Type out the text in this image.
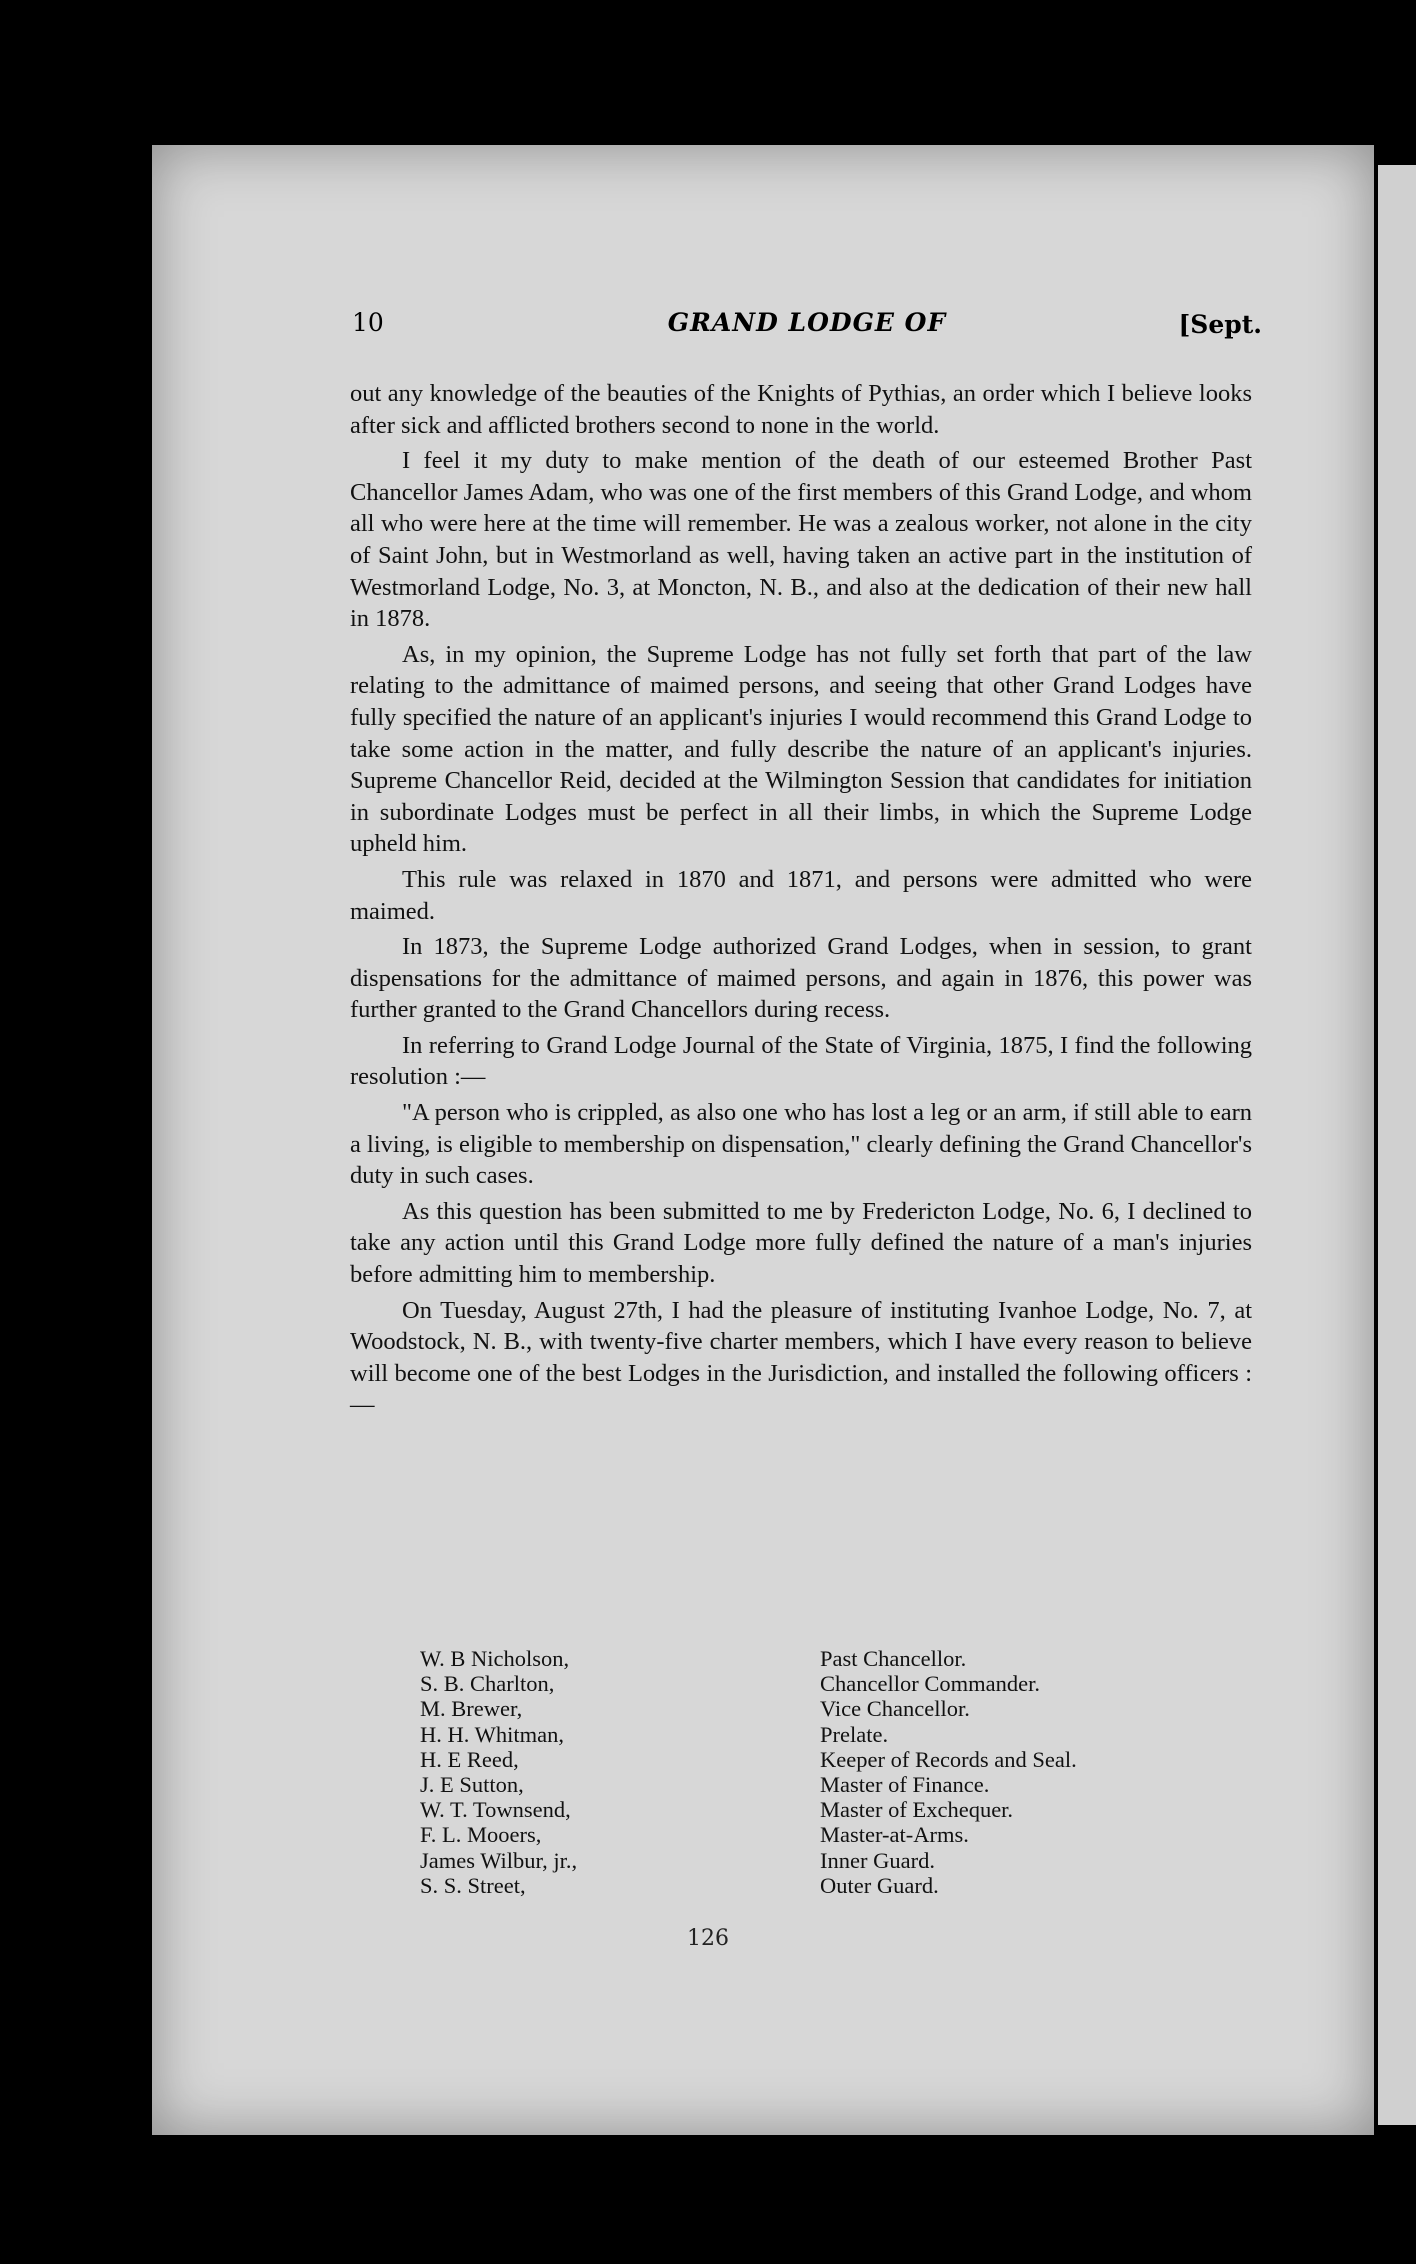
10	GRAND LODGE OF	[Sept.

out any knowledge of the beauties of the Knights of Pythias, an order which I believe looks after sick and afflicted brothers second to none in the world.

I feel it my duty to make mention of the death of our esteemed Brother Past Chancellor James Adam, who was one of the first members of this Grand Lodge, and whom all who were here at the time will remember. He was a zealous worker, not alone in the city of Saint John, but in Westmorland as well, having taken an active part in the institution of Westmorland Lodge, No. 3, at Moncton, N. B., and also at the dedication of their new hall in 1878.

As, in my opinion, the Supreme Lodge has not fully set forth that part of the law relating to the admittance of maimed persons, and seeing that other Grand Lodges have fully specified the nature of an applicant's injuries I would recommend this Grand Lodge to take some action in the matter, and fully describe the nature of an applicant's injuries. Supreme Chancellor Reid, decided at the Wilmington Session that candidates for initiation in subordinate Lodges must be perfect in all their limbs, in which the Supreme Lodge upheld him.

This rule was relaxed in 1870 and 1871, and persons were admitted who were maimed.

In 1873, the Supreme Lodge authorized Grand Lodges, when in session, to grant dispensations for the admittance of maimed persons, and again in 1876, this power was further granted to the Grand Chancellors during recess.

In referring to Grand Lodge Journal of the State of Virginia, 1875, I find the following resolution :—

"A person who is crippled, as also one who has lost a leg or an arm, if still able to earn a living, is eligible to membership on dispensation," clearly defining the Grand Chancellor's duty in such cases.

As this question has been submitted to me by Fredericton Lodge, No. 6, I declined to take any action until this Grand Lodge more fully defined the nature of a man's injuries before admitting him to membership.

On Tuesday, August 27th, I had the pleasure of instituting Ivanhoe Lodge, No. 7, at Woodstock, N. B., with twenty-five charter members, which I have every reason to believe will become one of the best Lodges in the Jurisdiction, and installed the following officers :—

W. B Nicholson,	Past Chancellor.
S. B. Charlton,	Chancellor Commander.
M. Brewer,	Vice Chancellor.
H. H. Whitman,	Prelate.
H. E Reed,	Keeper of Records and Seal.
J. E Sutton,	Master of Finance.
W. T. Townsend,	Master of Exchequer.
F. L. Mooers,	Master-at-Arms.
James Wilbur, jr.,	Inner Guard.
S. S. Street,	Outer Guard.
126
